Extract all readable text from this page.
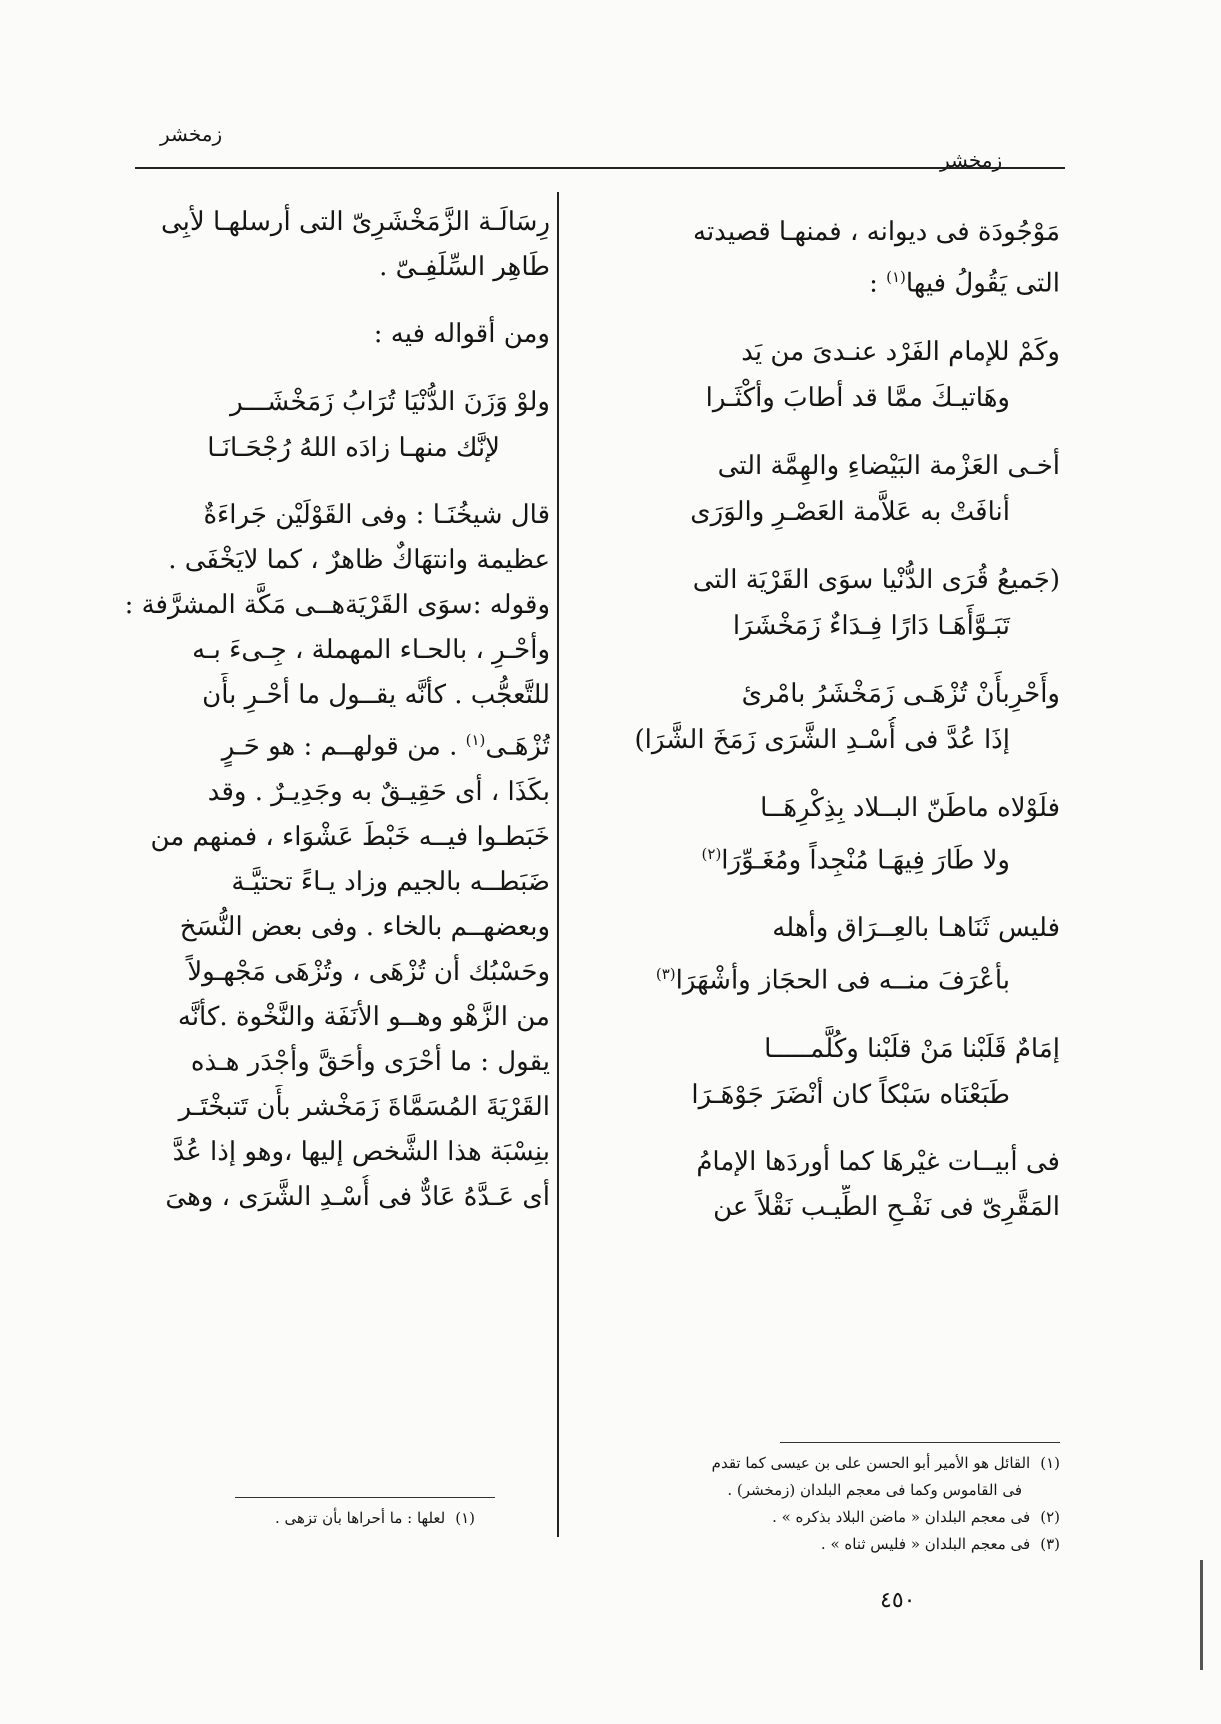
زمخشر
زمخشر

مَوْجُودَة فى ديوانه ، فمنهـا قصيدته

التى يَقُولُ فيها$^{(١)}$ :

وكَمْ للإمام الفَرْد عنـدىَ من يَد

وهَاتيـكَ ممَّا قد أطابَ وأكْثَـرا

أخـى العَزْمة البَيْضاءِ والهِمَّة التى

أنافَتْ به عَلاَّمة العَصْـرِ والوَرَى

(جَميعُ قُرَى الدُّنْيا سوَى القَرْيَة التى

تَبَـوَّأَهَـا دَارًا فِـدَاءٌ زَمَخْشَرَا

وأَحْرِبأَنْ تُزْهَـى زَمَخْشَرُ بامْرئ

إذَا عُدَّ فى أُسْـدِ الشَّرَى زَمَخَ الشَّرَا)

فلَوْلاه ماطَنّ البــلاد بِذِكْرِهَــا

ولا طَارَ فِيهَـا مُنْجِداً ومُغَـوِّرَا$^{(٢)}$

فليس ثَنَاهـا بالعِــرَاق وأهله

بأعْرَفَ منــه فى الحجَاز وأشْهَرَا$^{(٣)}$

إمَامٌ قَلَبْنا مَنْ قلَبْنا وكُلَّمـــــا

طَبَعْنَاه سَبْكاً كان أنْضَرَ جَوْهَـرَا

فى أبيــات غيْرهَا كما أوردَها الإمامُ

المَقَّرِىّ فى نَفْـحِ الطِّيـب نَقْلاً عن

رِسَالَـة الزَّمَخْشَرِىّ التى أرسلهـا لأبِى

طَاهِر السِّلَفِـىّ .

ومن أقواله فيه :

ولوْ وَزَنَ الدُّنْيَا تُرَابُ زَمَخْشَـــر

لإنَّك منهـا زادَه اللهُ رُجْحَـانَـا

قال شيخُنَـا : وفى القَوْلَيْن جَراءَةٌ

عظيمة وانتهَاكٌ ظاهرٌ ، كما لايَخْفَى .

وقوله :سوَى القَرْيَةهــى مَكَّة المشرَّفة :

وأحْـرِ ، بالحـاء المهملة ، جِـىءَ بـه

للتَّعجُّب . كأنَّه يقــول ما أحْـرِ بأَن

تُزْهَـى$^{(١)}$ . من قولهــم : هو حَـرٍ

بكَذَا ، أى حَقِيـقٌ به وجَدِيـرٌ . وقد

خَبَطـوا فيــه خَبْطَ عَشْوَاء ، فمنهم من

ضَبَطــه بالجيم وزاد يـاءً تحتيَّـة

وبعضهــم بالخاء . وفى بعض النُّسَخ

وحَسْبُك أن تُزْهَى ، وتُزْهَى مَجْهـولاً

من الزَّهْو وهــو الأنَفَة والنَّخْوة .كأنَّه

يقول : ما أحْرَى وأحَقَّ وأجْدَر هـذه

القَرْيَةَ المُسَمَّاةَ زَمَخْشر بأَن تَتبخْتَـر

بنِسْبَة هذا الشَّخص إليها ،وهو إذا عُدَّ

أى عَـدَّهُ عَادٌّ فى أُسْـدِ الشَّرَى ، وهىَ

(١)القائل هو الأمير أبو الحسن على بن عيسى كما تقدم
فى القاموس وكما فى معجم البلدان (زمخشر) .
(٢)فى معجم البلدان « ماضن البلاد بذكره » .
(٣)فى معجم البلدان « فليس ثناه » .
(١)لعلها : ما أحراها بأن تزهى .
٤٥٠
